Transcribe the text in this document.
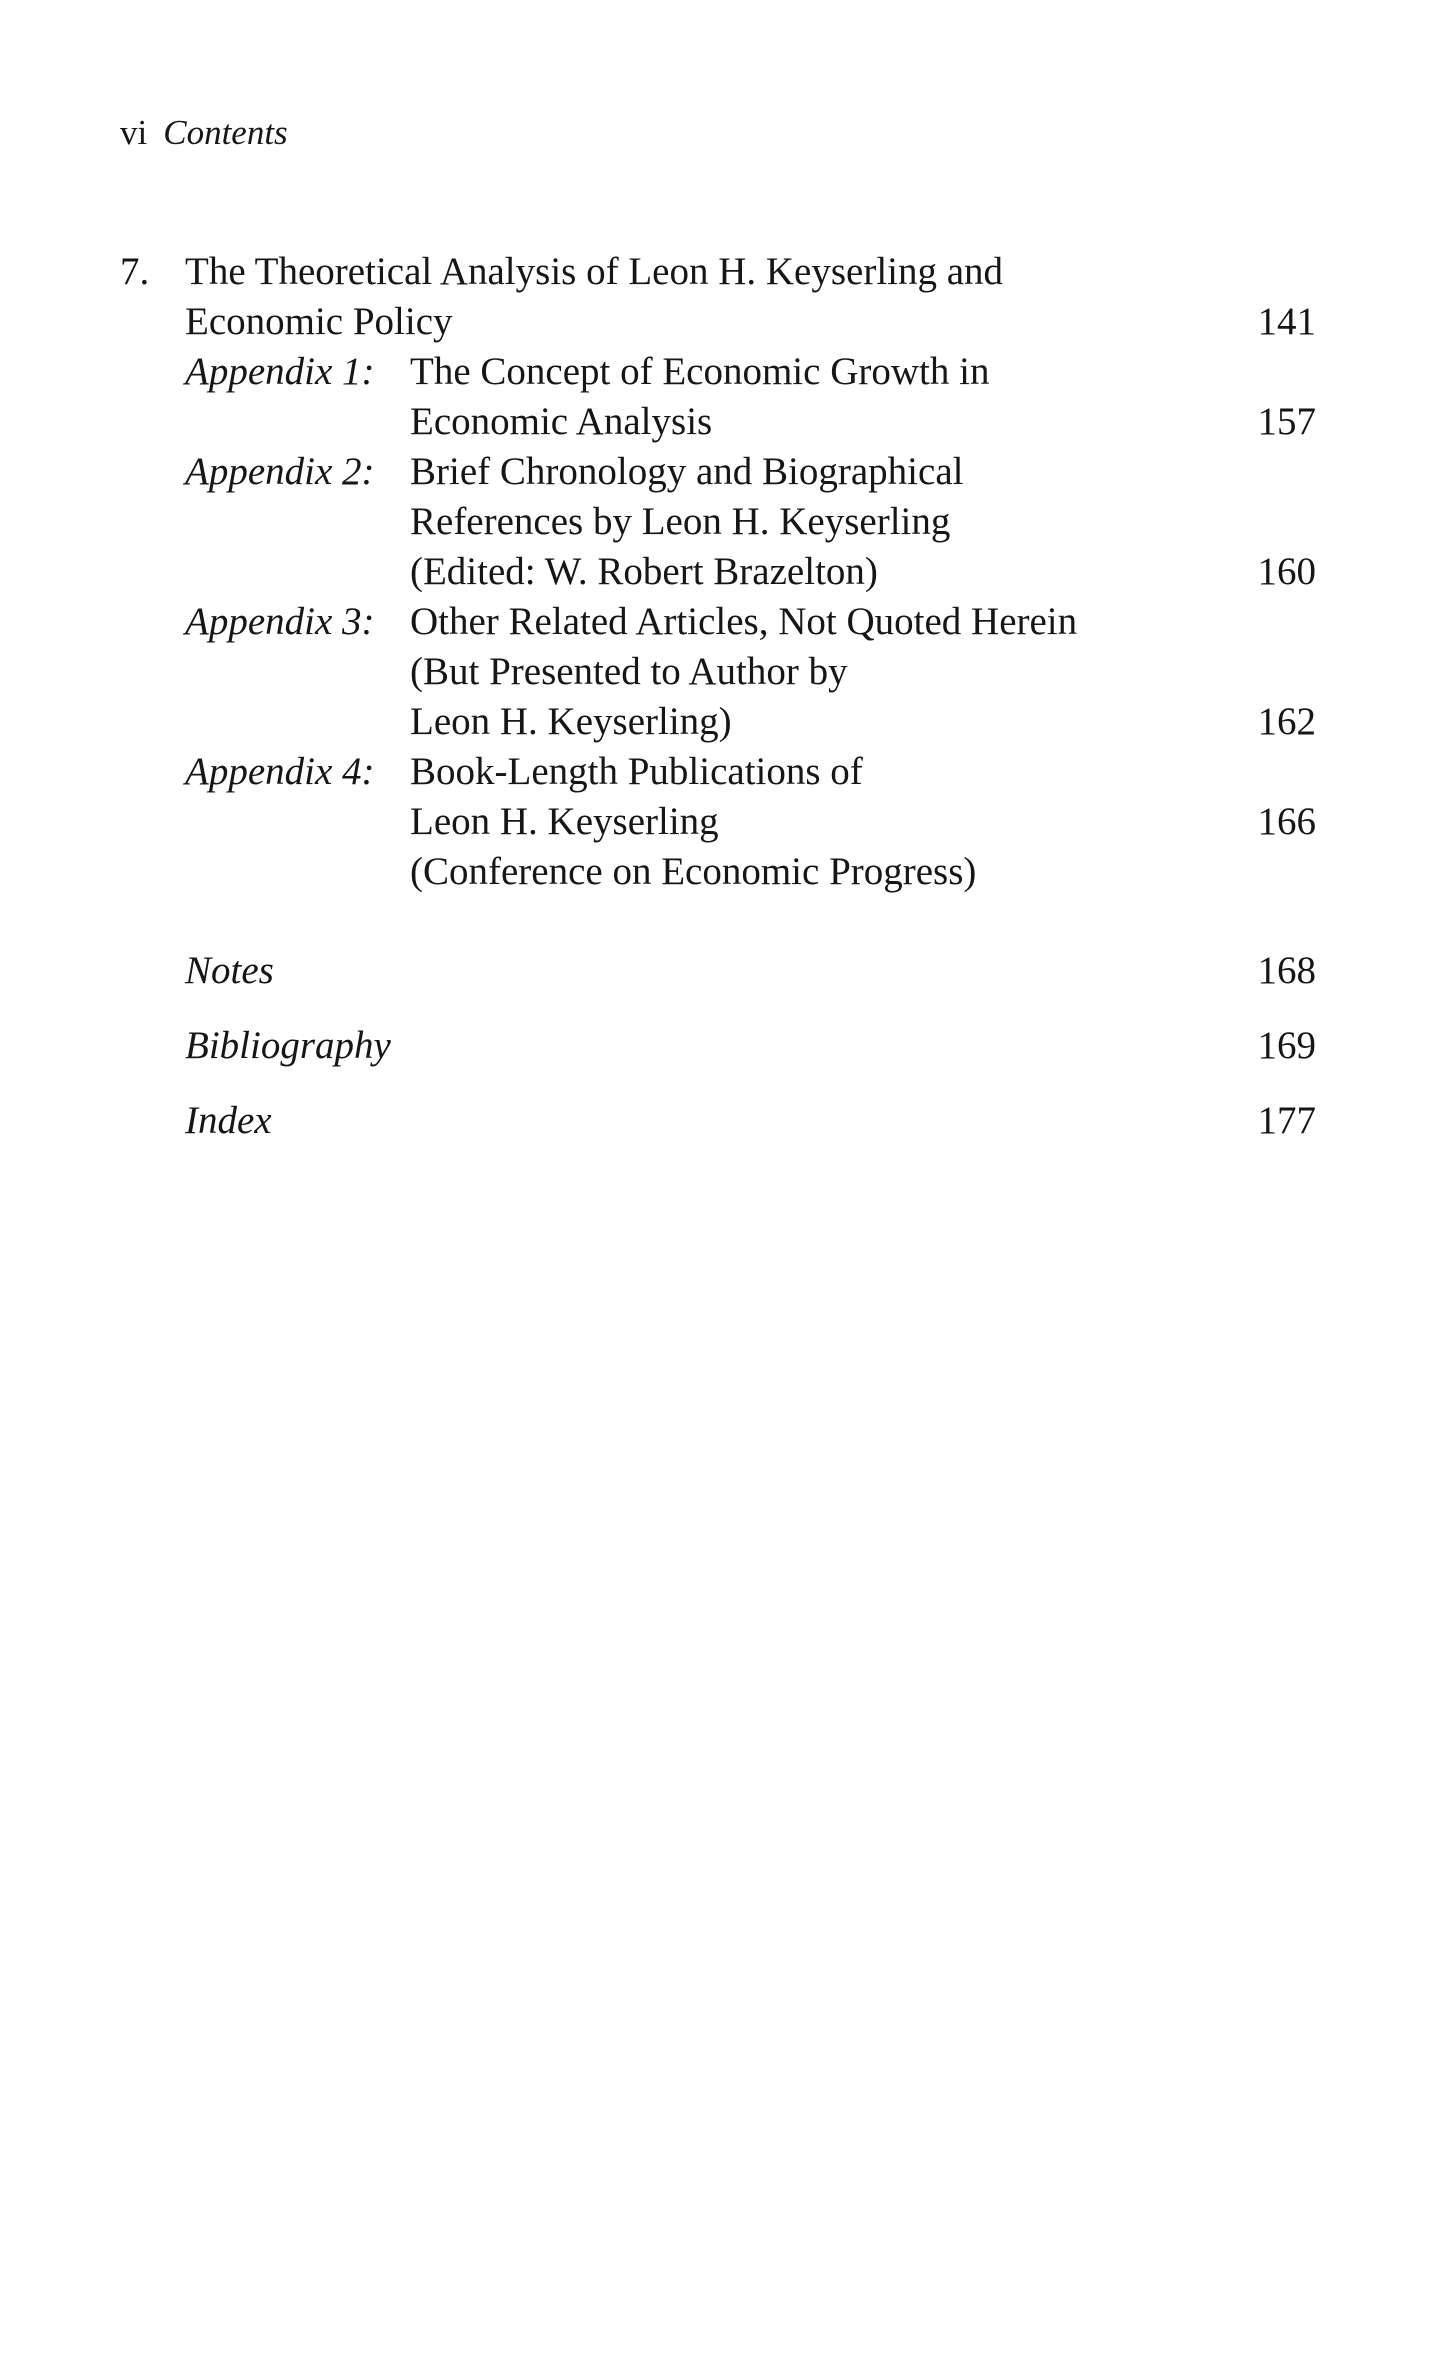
vi Contents
7. The Theoretical Analysis of Leon H. Keyserling and
Economic Policy	141
Appendix 1: The Concept of Economic Growth in
Economic Analysis	157
Appendix 2: Brief Chronology and Biographical
References by Leon H. Keyserling
(Edited: W. Robert Brazelton)	160
Appendix 3: Other Related Articles, Not Quoted Herein
(But Presented to Author by
Leon H. Keyserling)	162
Appendix 4: Book-Length Publications of
Leon H. Keyserling	166
(Conference on Economic Progress)
Notes	168
Bibliography	169
Index	177
